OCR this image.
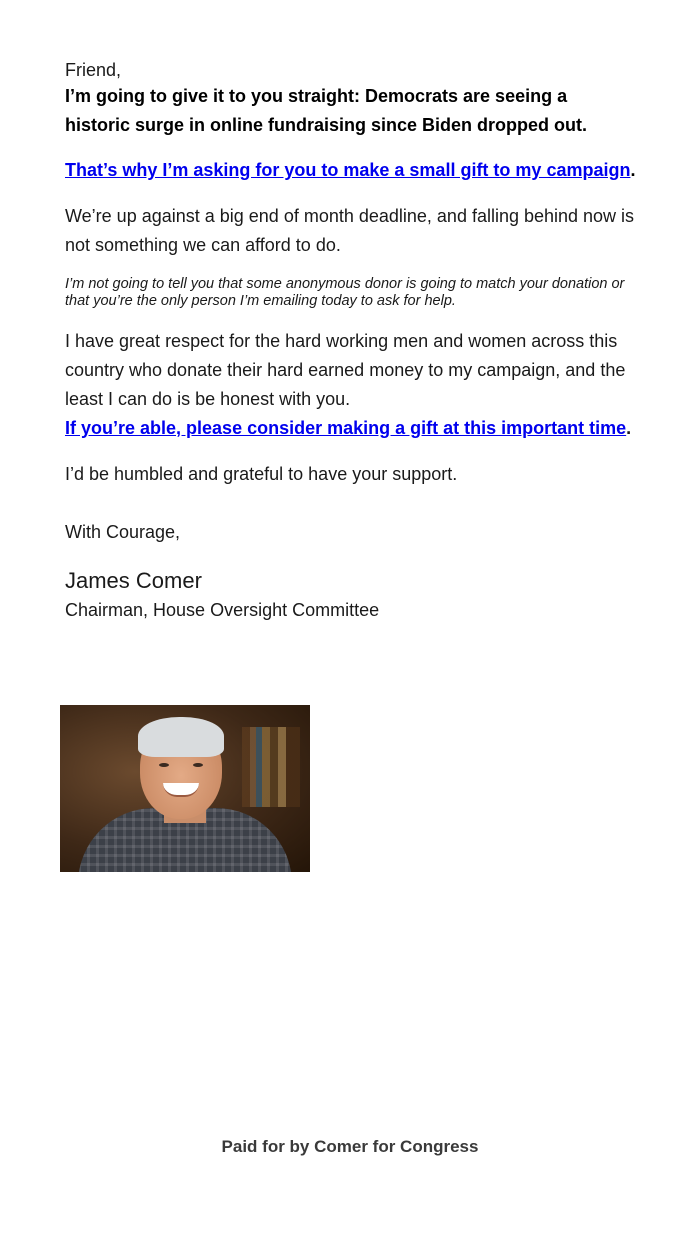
Friend,

I’m going to give it to you straight: Democrats are seeing a historic surge in online fundraising since Biden dropped out.

That’s why I’m asking for you to make a small gift to my campaign.

We’re up against a big end of month deadline, and falling behind now is not something we can afford to do.

I’m not going to tell you that some anonymous donor is going to match your donation or that you’re the only person I’m emailing today to ask for help.

I have great respect for the hard working men and women across this country who donate their hard earned money to my campaign, and the least I can do is be honest with you.

If you’re able, please consider making a gift at this important time.

I’d be humbled and grateful to have your support.

With Courage,

James Comer

Chairman, House Oversight Committee

Paid for by Comer for Congress
